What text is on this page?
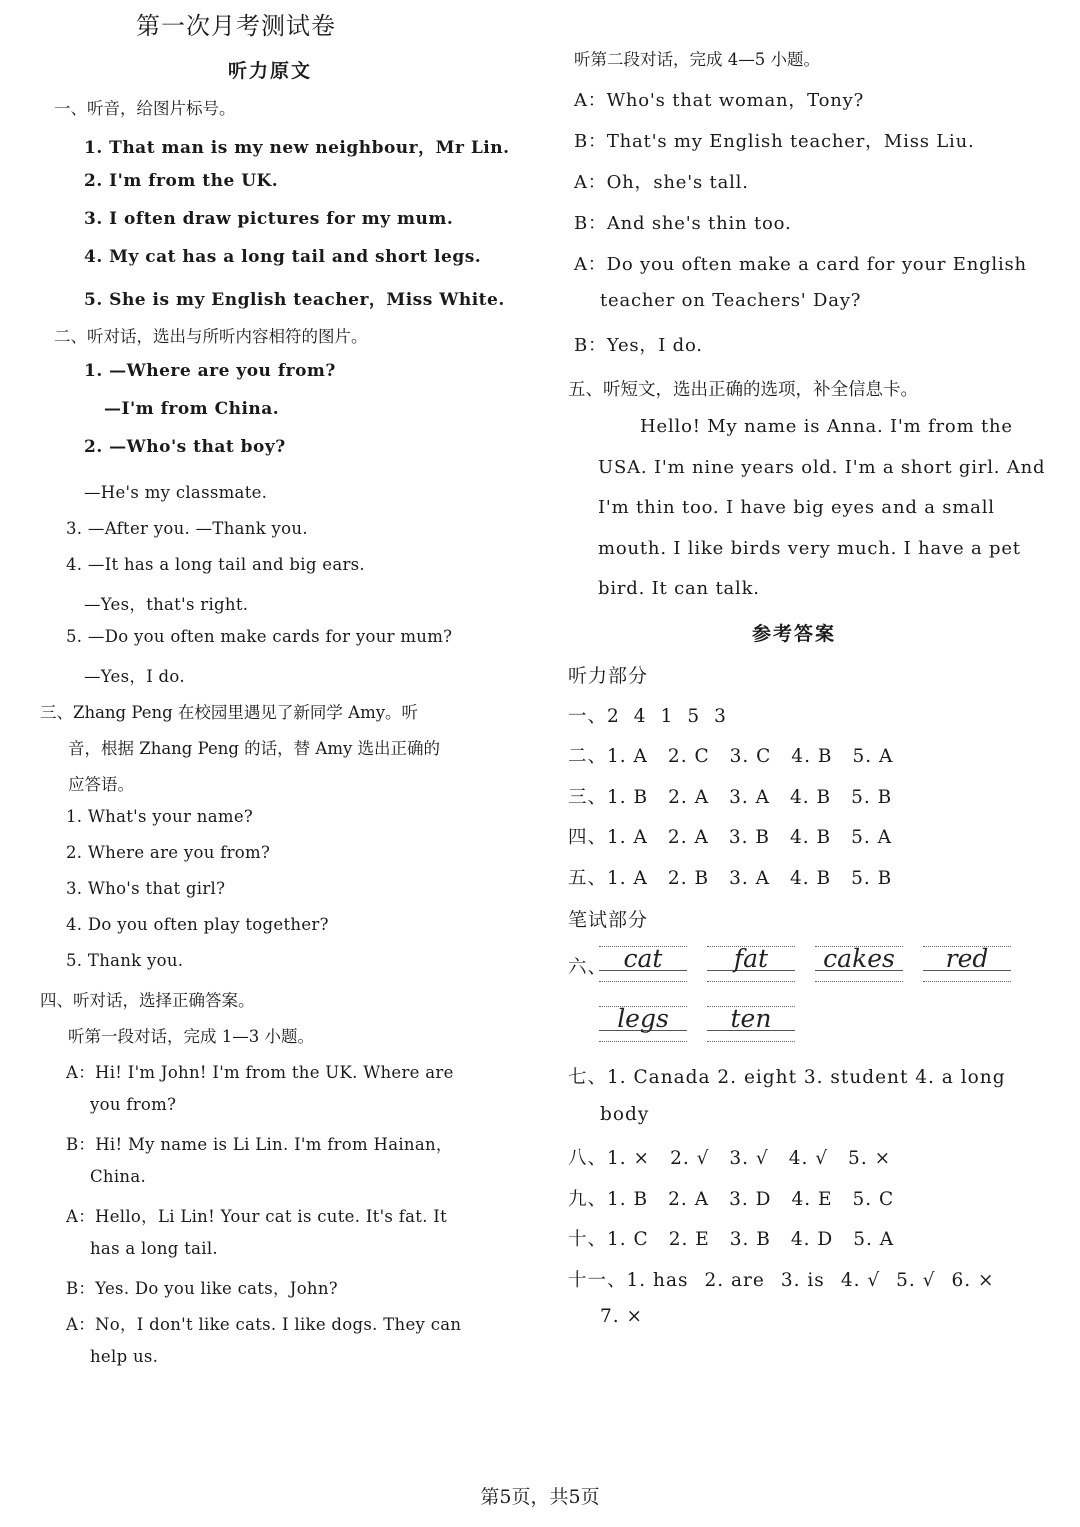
第一次月考测试卷
听力原文
一、听音，给图片标号。
1. That man is my new neighbour，Mr Lin.
2. I'm from the UK.
3. I often draw pictures for my mum.
4. My cat has a long tail and short legs.
5. She is my English teacher，Miss White.
二、听对话，选出与所听内容相符的图片。
1. —Where are you from?
—I'm from China.
2. —Who's that boy?
—He's my classmate.
3. —After you. —Thank you.
4. —It has a long tail and big ears.
—Yes，that's right.
5. —Do you often make cards for your mum?
—Yes，I do.
三、Zhang Peng 在校园里遇见了新同学 Amy。听
音，根据 Zhang Peng 的话，替 Amy 选出正确的
应答语。
1. What's your name?
2. Where are you from?
3. Who's that girl?
4. Do you often play together?
5. Thank you.
四、听对话，选择正确答案。
听第一段对话，完成 1—3 小题。
A：Hi! I'm John! I'm from the UK. Where are
you from?
B：Hi! My name is Li Lin. I'm from Hainan，
China.
A：Hello，Li Lin! Your cat is cute. It's fat. It
has a long tail.
B：Yes. Do you like cats，John?
A：No，I don't like cats. I like dogs. They can
help us.
听第二段对话，完成 4—5 小题。
A：Who's that woman，Tony?
B：That's my English teacher，Miss Liu.
A：Oh，she's tall.
B：And she's thin too.
A：Do you often make a card for your English
teacher on Teachers' Day?
B：Yes，I do.
五、听短文，选出正确的选项，补全信息卡。
Hello! My name is Anna. I'm from the
USA. I'm nine years old. I'm a short girl. And
I'm thin too. I have big eyes and a small
mouth. I like birds very much. I have a pet
bird. It can talk.
参考答案
听力部分
一、2 4 1 5 3
二、1. A 2. C 3. C 4. B 5. A
三、1. B 2. A 3. A 4. B 5. B
四、1. A 2. A 3. B 4. B 5. A
五、1. A 2. B 3. A 4. B 5. B
笔试部分
六、 cat	fat	cakes	red
legs	ten
七、1. Canada 2. eight 3. student 4. a long
body
八、1. × 2. √ 3. √ 4. √ 5. ×
九、1. B 2. A 3. D 4. E 5. C
十、1. C 2. E 3. B 4. D 5. A
十一、1. has 2. are 3. is 4. √ 5. √ 6. ×
7. ×
第5页，共5页
